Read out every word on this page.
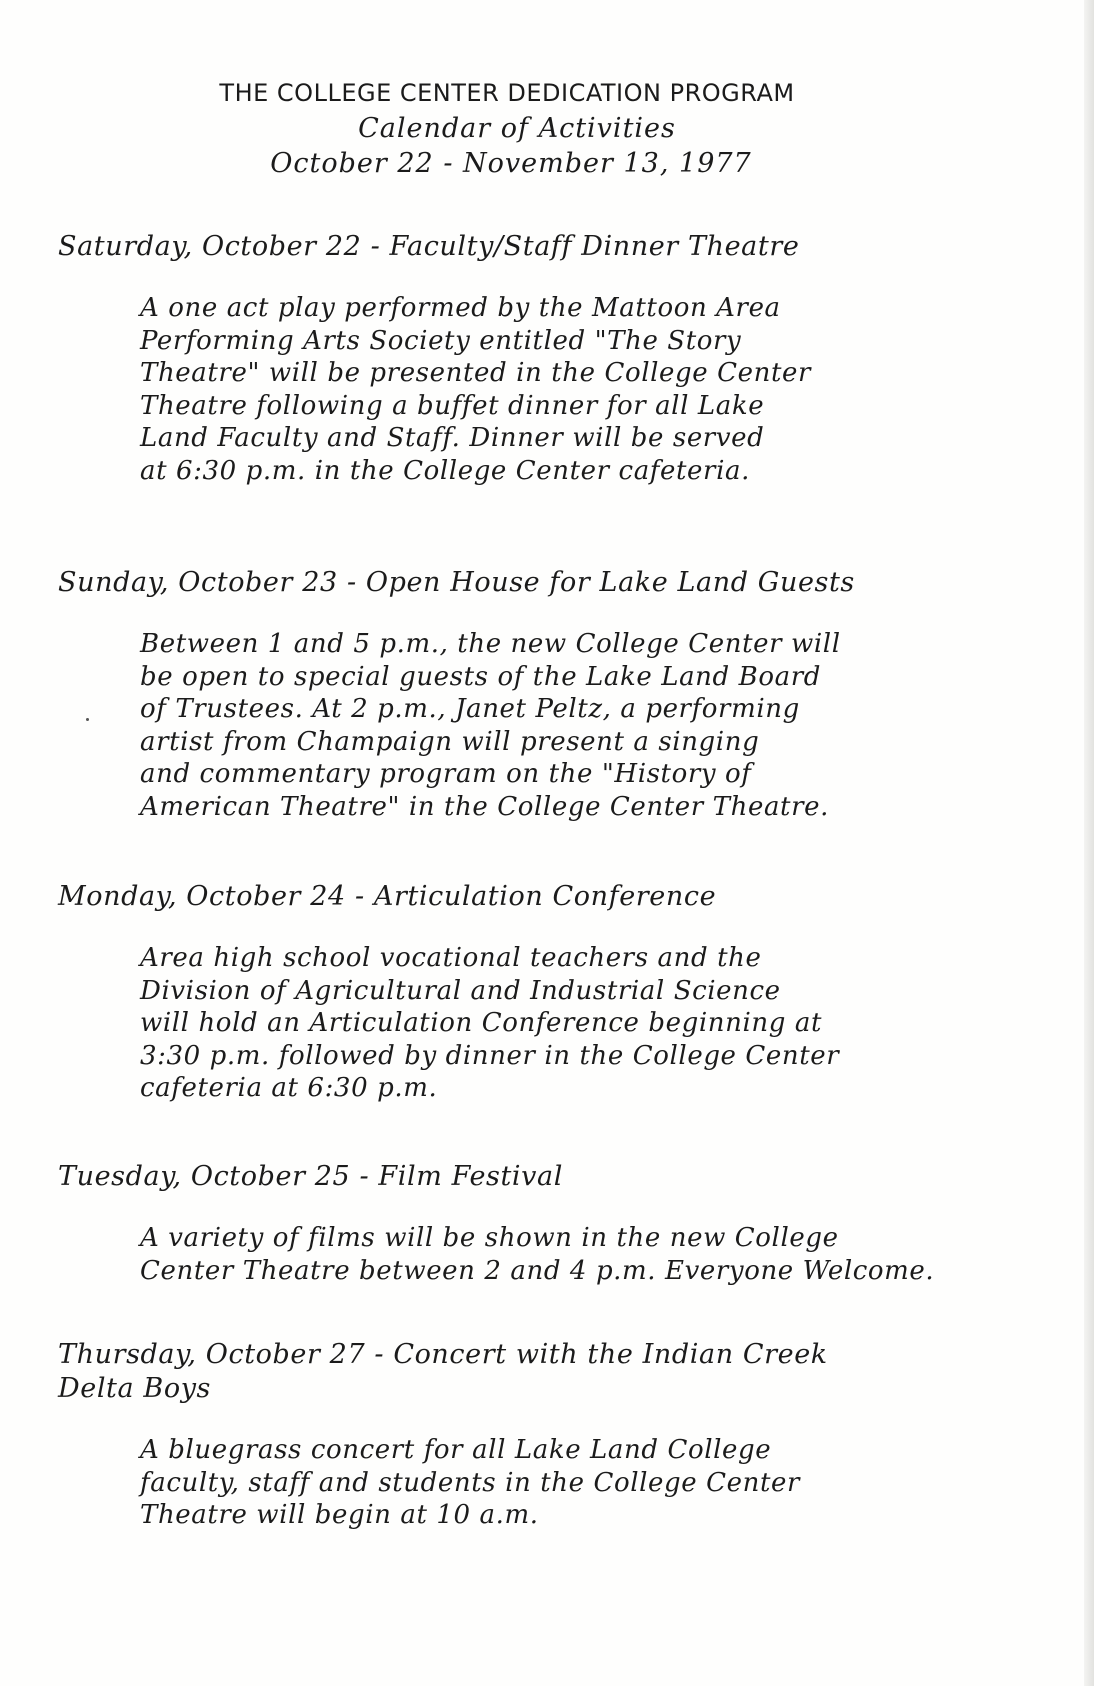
THE COLLEGE CENTER DEDICATION PROGRAM
Calendar of Activities
October 22 - November 13, 1977
Saturday, October 22 - Faculty/Staff Dinner Theatre
A one act play performed by the Mattoon Area
Performing Arts Society entitled "The Story
Theatre" will be presented in the College Center
Theatre following a buffet dinner for all Lake
Land Faculty and Staff. Dinner will be served
at 6:30 p.m. in the College Center cafeteria.
Sunday, October 23 - Open House for Lake Land Guests
Between 1 and 5 p.m., the new College Center will
be open to special guests of the Lake Land Board
of Trustees. At 2 p.m., Janet Peltz, a performing
artist from Champaign will present a singing
and commentary program on the "History of
American Theatre" in the College Center Theatre.
Monday, October 24 - Articulation Conference
Area high school vocational teachers and the
Division of Agricultural and Industrial Science
will hold an Articulation Conference beginning at
3:30 p.m. followed by dinner in the College Center
cafeteria at 6:30 p.m.
Tuesday, October 25 - Film Festival
A variety of films will be shown in the new College
Center Theatre between 2 and 4 p.m. Everyone Welcome.
Thursday, October 27 - Concert with the Indian Creek
Delta Boys
A bluegrass concert for all Lake Land College
faculty, staff and students in the College Center
Theatre will begin at 10 a.m.
